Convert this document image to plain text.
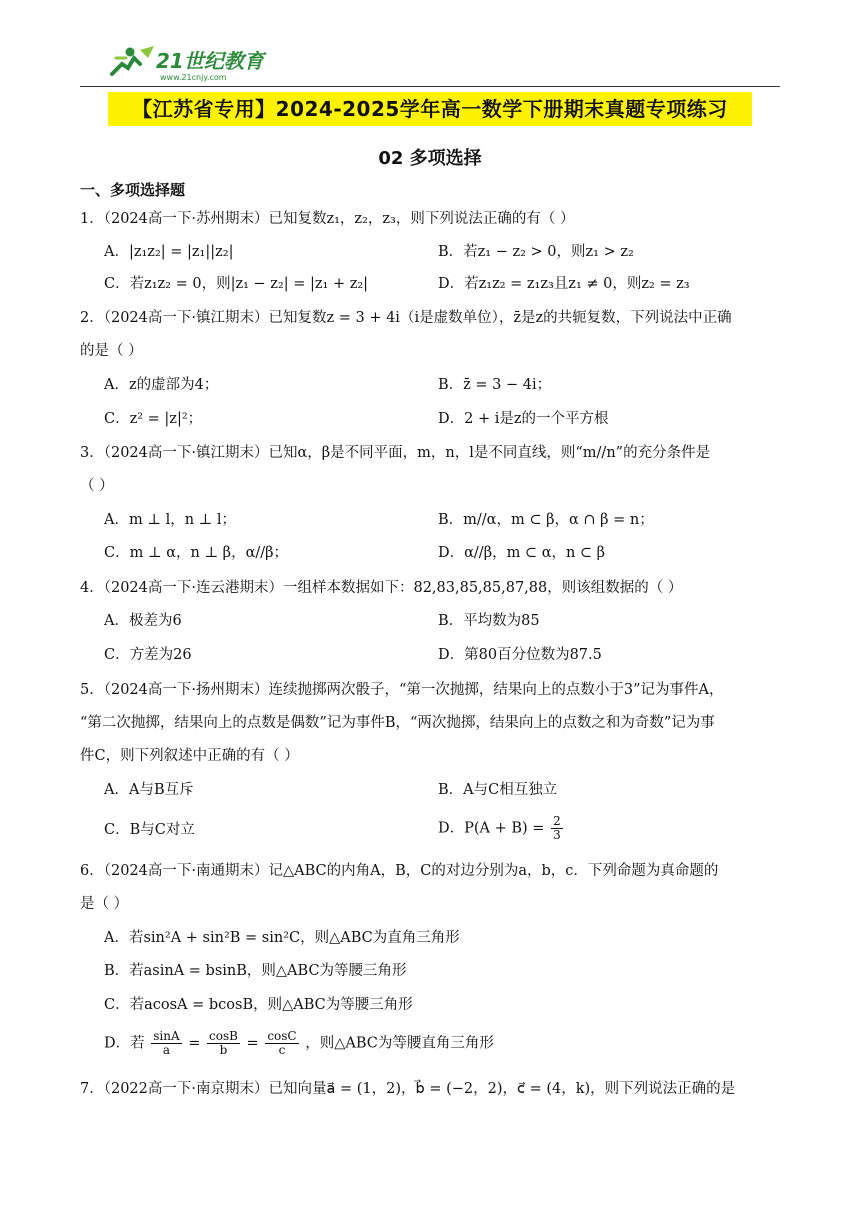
21世纪教育
www.21cnjy.com
【江苏省专用】2024-2025学年高一数学下册期末真题专项练习
02 多项选择
一、多项选择题
1．（2024高一下·苏州期末）已知复数z₁，z₂，z₃，则下列说法正确的有（ ）
A．|z₁z₂| = |z₁||z₂|	B．若z₁ − z₂ > 0，则z₁ > z₂
C．若z₁z₂ = 0，则|z₁ − z₂| = |z₁ + z₂|	D．若z₁z₂ = z₁z₃且z₁ ≠ 0，则z₂ = z₃
2．（2024高一下·镇江期末）已知复数z = 3 + 4i（i是虚数单位），z̄是z的共轭复数，下列说法中正确
的是（ ）
A．z的虚部为4；	B．z̄ = 3 − 4i；
C．z² = |z|²；	D．2 + i是z的一个平方根
3．（2024高一下·镇江期末）已知α，β是不同平面，m，n，l是不同直线，则“m//n”的充分条件是
（ ）
A．m ⊥ l，n ⊥ l；	B．m//α，m ⊂ β，α ∩ β = n；
C．m ⊥ α，n ⊥ β，α//β；	D．α//β，m ⊂ α，n ⊂ β
4．（2024高一下·连云港期末）一组样本数据如下：82,83,85,85,87,88，则该组数据的（ ）
A．极差为6	B．平均数为85
C．方差为26	D．第80百分位数为87.5
5．（2024高一下·扬州期末）连续抛掷两次骰子，“第一次抛掷，结果向上的点数小于3”记为事件A，
“第二次抛掷，结果向上的点数是偶数”记为事件B，“两次抛掷，结果向上的点数之和为奇数”记为事
件C，则下列叙述中正确的有（ ）
A．A与B互斥	B．A与C相互独立
C．B与C对立	D．$P(A + B) = \frac{2}{3}$
6．（2024高一下·南通期末）记△ABC的内角A，B，C的对边分别为a，b，c．下列命题为真命题的
是（ ）
A．若sin²A + sin²B = sin²C，则△ABC为直角三角形
B．若asinA = bsinB，则△ABC为等腰三角形
C．若acosA = bcosB，则△ABC为等腰三角形
D．若 $\frac{\sin A}{a} = \frac{\cos B}{b} = \frac{\cos C}{c}$ ，则△ABC为等腰直角三角形
7．（2022高一下·南京期末）已知向量a⃗ = (1，2)，b⃗ = (−2，2)，c⃗ = (4，k)，则下列说法正确的是
